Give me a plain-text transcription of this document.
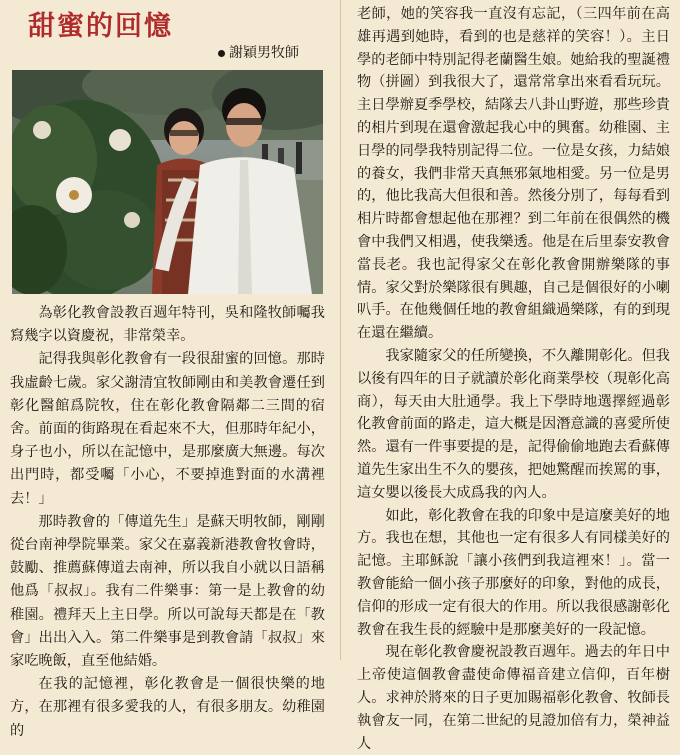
甜蜜的回憶
謝穎男牧師

為彰化教會設教百週年特刊，吳和隆牧師囑我寫幾字以資慶祝，非常榮幸。

記得我與彰化教會有一段很甜蜜的回憶。那時我虛齡七歲。家父謝清宜牧師剛由和美教會遷任到彰化醫館爲院牧，住在彰化教會隔鄰二三間的宿舍。前面的街路現在看起來不大，但那時年紀小，身子也小，所以在記憶中，是那麼廣大無邊。每次出門時，都受囑「小心，不要掉進對面的水溝裡去！」

那時教會的「傳道先生」是蘇天明牧師，剛剛從台南神學院畢業。家父在嘉義新港教會牧會時，鼓勵、推薦蘇傳道去南神，所以我自小就以日語稱他爲「叔叔」。我有二件樂事：第一是上教會的幼稚園。禮拜天上主日學。所以可說每天都是在「教會」出出入入。第二件樂事是到教會請「叔叔」來家吃晚飯，直至他結婚。

在我的記憶裡，彰化教會是一個很快樂的地方，在那裡有很多愛我的人，有很多朋友。幼稚園的

老師，她的笑容我一直沒有忘記，（三四年前在高雄再遇到她時，看到的也是慈祥的笑容！）。主日學的老師中特別記得老蘭醫生娘。她給我的聖誕禮物（拼圖）到我很大了，還常常拿出來看看玩玩。主日學辦夏季學校，結隊去八卦山野遊，那些珍貴的相片到現在還會激起我心中的興奮。幼稚園、主日學的同學我特別記得二位。一位是女孩，力結娘的養女，我們非常天真無邪氣地相愛。另一位是男的，他比我高大但很和善。然後分別了，每每看到相片時都會想起他在那裡？到二年前在很偶然的機會中我們又相遇，使我樂透。他是在后里泰安教會當長老。我也記得家父在彰化教會開辦樂隊的事情。家父對於樂隊很有興趣，自己是個很好的小喇叭手。在他幾個任地的教會組織過樂隊，有的到現在還在繼續。

我家隨家父的任所變換，不久離開彰化。但我以後有四年的日子就讀於彰化商業學校（現彰化高商），每天由大肚通學。我上下學時地選擇經過彰化教會前面的路走，這大概是因潛意識的喜愛所使然。還有一件事要提的是，記得偷偷地跑去看蘇傳道先生家出生不久的嬰孩，把她驚醒而挨罵的事，這女嬰以後長大成爲我的內人。

如此，彰化教會在我的印象中是這麼美好的地方。我也在想，其他也一定有很多人有同樣美好的記憶。主耶穌說「讓小孩們到我這裡來！」。當一教會能給一個小孩子那麼好的印象，對他的成長，信仰的形成一定有很大的作用。所以我很感謝彰化教會在我生長的經驗中是那麼美好的一段記憶。

現在彰化教會慶祝設教百週年。過去的年日中上帝使這個教會盡使命傳福音建立信仰，百年樹人。求神於將來的日子更加賜福彰化教會、牧師長執會友一同，在第二世紀的見證加倍有力，榮神益人
